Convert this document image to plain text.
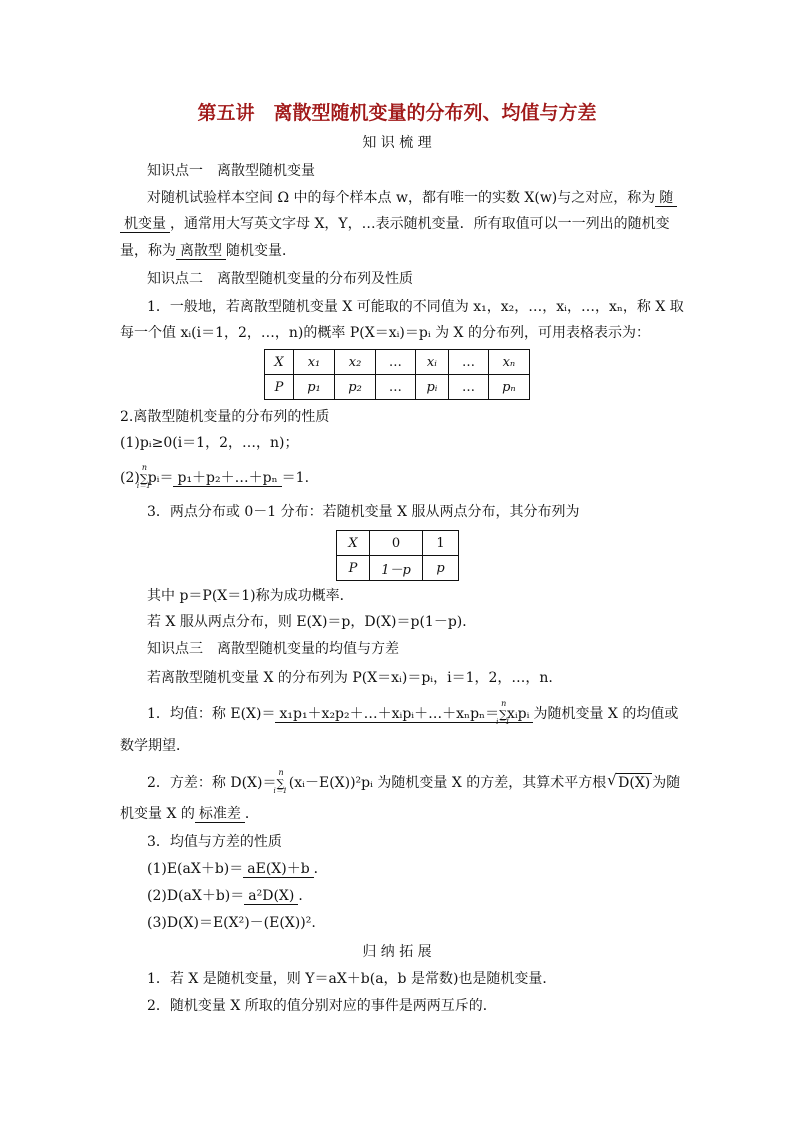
第五讲　离散型随机变量的分布列、均值与方差
知 识 梳 理
知识点一　离散型随机变量
对随机试验样本空间 Ω 中的每个样本点 w，都有唯一的实数 X(w)与之对应，称为 随
机变量 ，通常用大写英文字母 X，Y，…表示随机变量．所有取值可以一一列出的随机变
量，称为 离散型 随机变量．
知识点二　离散型随机变量的分布列及性质
1．一般地，若离散型随机变量 X 可能取的不同值为 x₁，x₂，…，xᵢ，…，xₙ，称 X 取
每一个值 xᵢ(i＝1，2，…，n)的概率 P(X＝xᵢ)＝pᵢ 为 X 的分布列，可用表格表示为：
X	x₁	x₂	…	xᵢ	…	xₙ
P	p₁	p₂	…	pᵢ	…	pₙ
2.离散型随机变量的分布列的性质
(1)pᵢ≥0(i＝1，2，…，n)；
(2)
n
∑
i＝1
pᵢ＝ p₁＋p₂＋…＋pₙ ＝1.
3．两点分布或 0－1 分布：若随机变量 X 服从两点分布，其分布列为
X	0	1
P	1－p	p
其中 p＝P(X＝1)称为成功概率．
若 X 服从两点分布，则 E(X)＝p，D(X)＝p(1－p)．
知识点三　离散型随机变量的均值与方差
若离散型随机变量 X 的分布列为 P(X＝xᵢ)＝pᵢ，i＝1，2，…，n.
1．均值：称 E(X)＝ x₁p₁＋x₂p₂＋…＋xᵢpᵢ＋…＋xₙpₙ＝
n
∑
i＝1
xᵢpᵢ 为随机变量 X 的均值或
数学期望．
2．方差：称 D(X)＝
n
∑
i＝1 (xᵢ－E(X))²pᵢ 为随机变量 X 的方差，其算术平方根 √ D(X) 为随
机变量 X 的 标准差 ．
3．均值与方差的性质
(1)E(aX＋b)＝ aE(X)＋b ．
(2)D(aX＋b)＝ a²D(X) ．
(3)D(X)＝E(X²)－(E(X))².
归 纳 拓 展
1．若 X 是随机变量，则 Y＝aX＋b(a，b 是常数)也是随机变量．
2．随机变量 X 所取的值分别对应的事件是两两互斥的．
